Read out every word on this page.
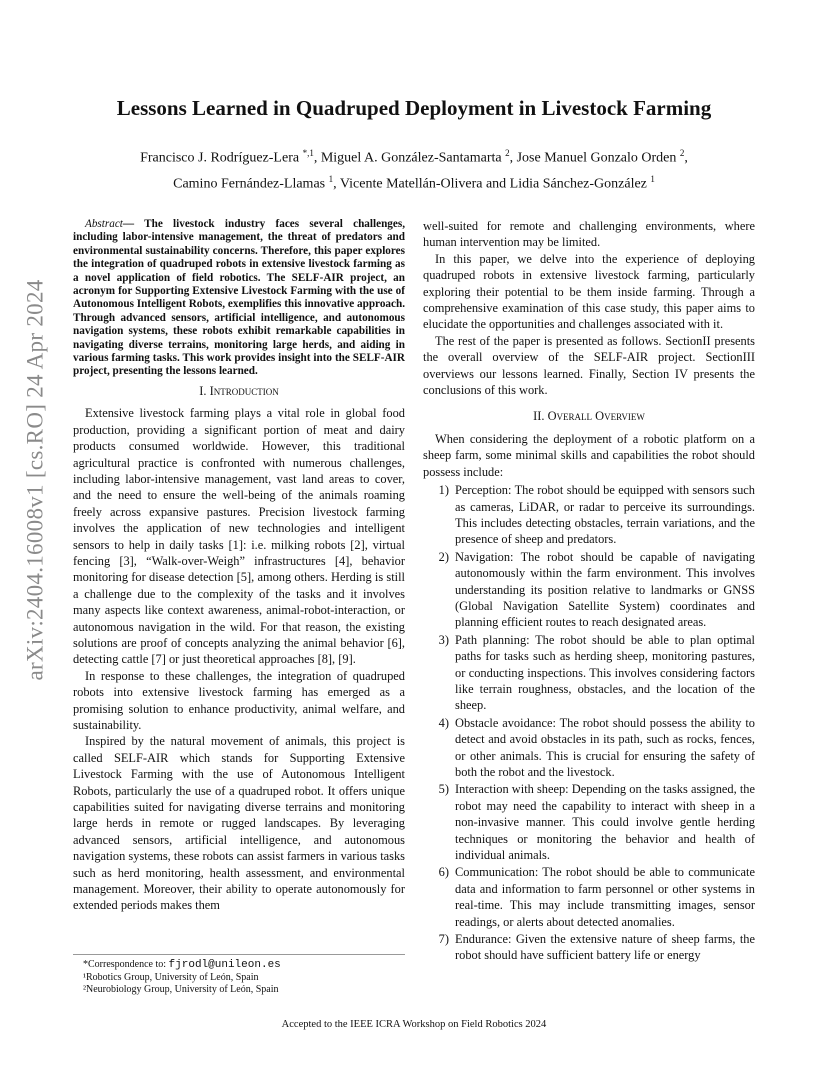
arXiv:2404.16008v1 [cs.RO] 24 Apr 2024
Lessons Learned in Quadruped Deployment in Livestock Farming
Francisco J. Rodríguez-Lera $^{*,1}$, Miguel A. González-Santamarta $^2$, Jose Manuel Gonzalo Orden $^2$,
Camino Fernández-Llamas $^1$, Vicente Matellán-Olivera and Lidia Sánchez-González $^1$

Abstract— The livestock industry faces several challenges, including labor-intensive management, the threat of predators and environmental sustainability concerns. Therefore, this paper explores the integration of quadruped robots in extensive livestock farming as a novel application of field robotics. The SELF-AIR project, an acronym for Supporting Extensive Livestock Farming with the use of Autonomous Intelligent Robots, exemplifies this innovative approach. Through advanced sensors, artificial intelligence, and autonomous navigation systems, these robots exhibit remarkable capabilities in navigating diverse terrains, monitoring large herds, and aiding in various farming tasks. This work provides insight into the SELF-AIR project, presenting the lessons learned.

I. Introduction

Extensive livestock farming plays a vital role in global food production, providing a significant portion of meat and dairy products consumed worldwide. However, this traditional agricultural practice is confronted with numerous challenges, including labor-intensive management, vast land areas to cover, and the need to ensure the well-being of the animals roaming freely across expansive pastures. Precision livestock farming involves the application of new technologies and intelligent sensors to help in daily tasks [1]: i.e. milking robots [2], virtual fencing [3], “Walk-over-Weigh” infrastructures [4], behavior monitoring for disease detection [5], among others. Herding is still a challenge due to the complexity of the tasks and it involves many aspects like context awareness, animal-robot-interaction, or autonomous navigation in the wild. For that reason, the existing solutions are proof of concepts analyzing the animal behavior [6], detecting cattle [7] or just theoretical approaches [8], [9].

In response to these challenges, the integration of quadruped robots into extensive livestock farming has emerged as a promising solution to enhance productivity, animal welfare, and sustainability.

Inspired by the natural movement of animals, this project is called SELF-AIR which stands for Supporting Extensive Livestock Farming with the use of Autonomous Intelligent Robots, particularly the use of a quadruped robot. It offers unique capabilities suited for navigating diverse terrains and monitoring large herds in remote or rugged landscapes. By leveraging advanced sensors, artificial intelligence, and autonomous navigation systems, these robots can assist farmers in various tasks such as herd monitoring, health assessment, and environmental management. Moreover, their ability to operate autonomously for extended periods makes them

*Correspondence to: fjrodl@unileon.es
¹Robotics Group, University of León, Spain
²Neurobiology Group, University of León, Spain

well-suited for remote and challenging environments, where human intervention may be limited.

In this paper, we delve into the experience of deploying quadruped robots in extensive livestock farming, particularly exploring their potential to be them inside farming. Through a comprehensive examination of this case study, this paper aims to elucidate the opportunities and challenges associated with it.

The rest of the paper is presented as follows. SectionII presents the overall overview of the SELF-AIR project. SectionIII overviews our lessons learned. Finally, Section IV presents the conclusions of this work.

II. Overall Overview

When considering the deployment of a robotic platform on a sheep farm, some minimal skills and capabilities the robot should possess include:

1) Perception: The robot should be equipped with sensors such as cameras, LiDAR, or radar to perceive its surroundings. This includes detecting obstacles, terrain variations, and the presence of sheep and predators.
2) Navigation: The robot should be capable of navigating autonomously within the farm environment. This involves understanding its position relative to landmarks or GNSS (Global Navigation Satellite System) coordinates and planning efficient routes to reach designated areas.
3) Path planning: The robot should be able to plan optimal paths for tasks such as herding sheep, monitoring pastures, or conducting inspections. This involves considering factors like terrain roughness, obstacles, and the location of the sheep.
4) Obstacle avoidance: The robot should possess the ability to detect and avoid obstacles in its path, such as rocks, fences, or other animals. This is crucial for ensuring the safety of both the robot and the livestock.
5) Interaction with sheep: Depending on the tasks assigned, the robot may need the capability to interact with sheep in a non-invasive manner. This could involve gentle herding techniques or monitoring the behavior and health of individual animals.
6) Communication: The robot should be able to communicate data and information to farm personnel or other systems in real-time. This may include transmitting images, sensor readings, or alerts about detected anomalies.
7) Endurance: Given the extensive nature of sheep farms, the robot should have sufficient battery life or energy
Accepted to the IEEE ICRA Workshop on Field Robotics 2024
